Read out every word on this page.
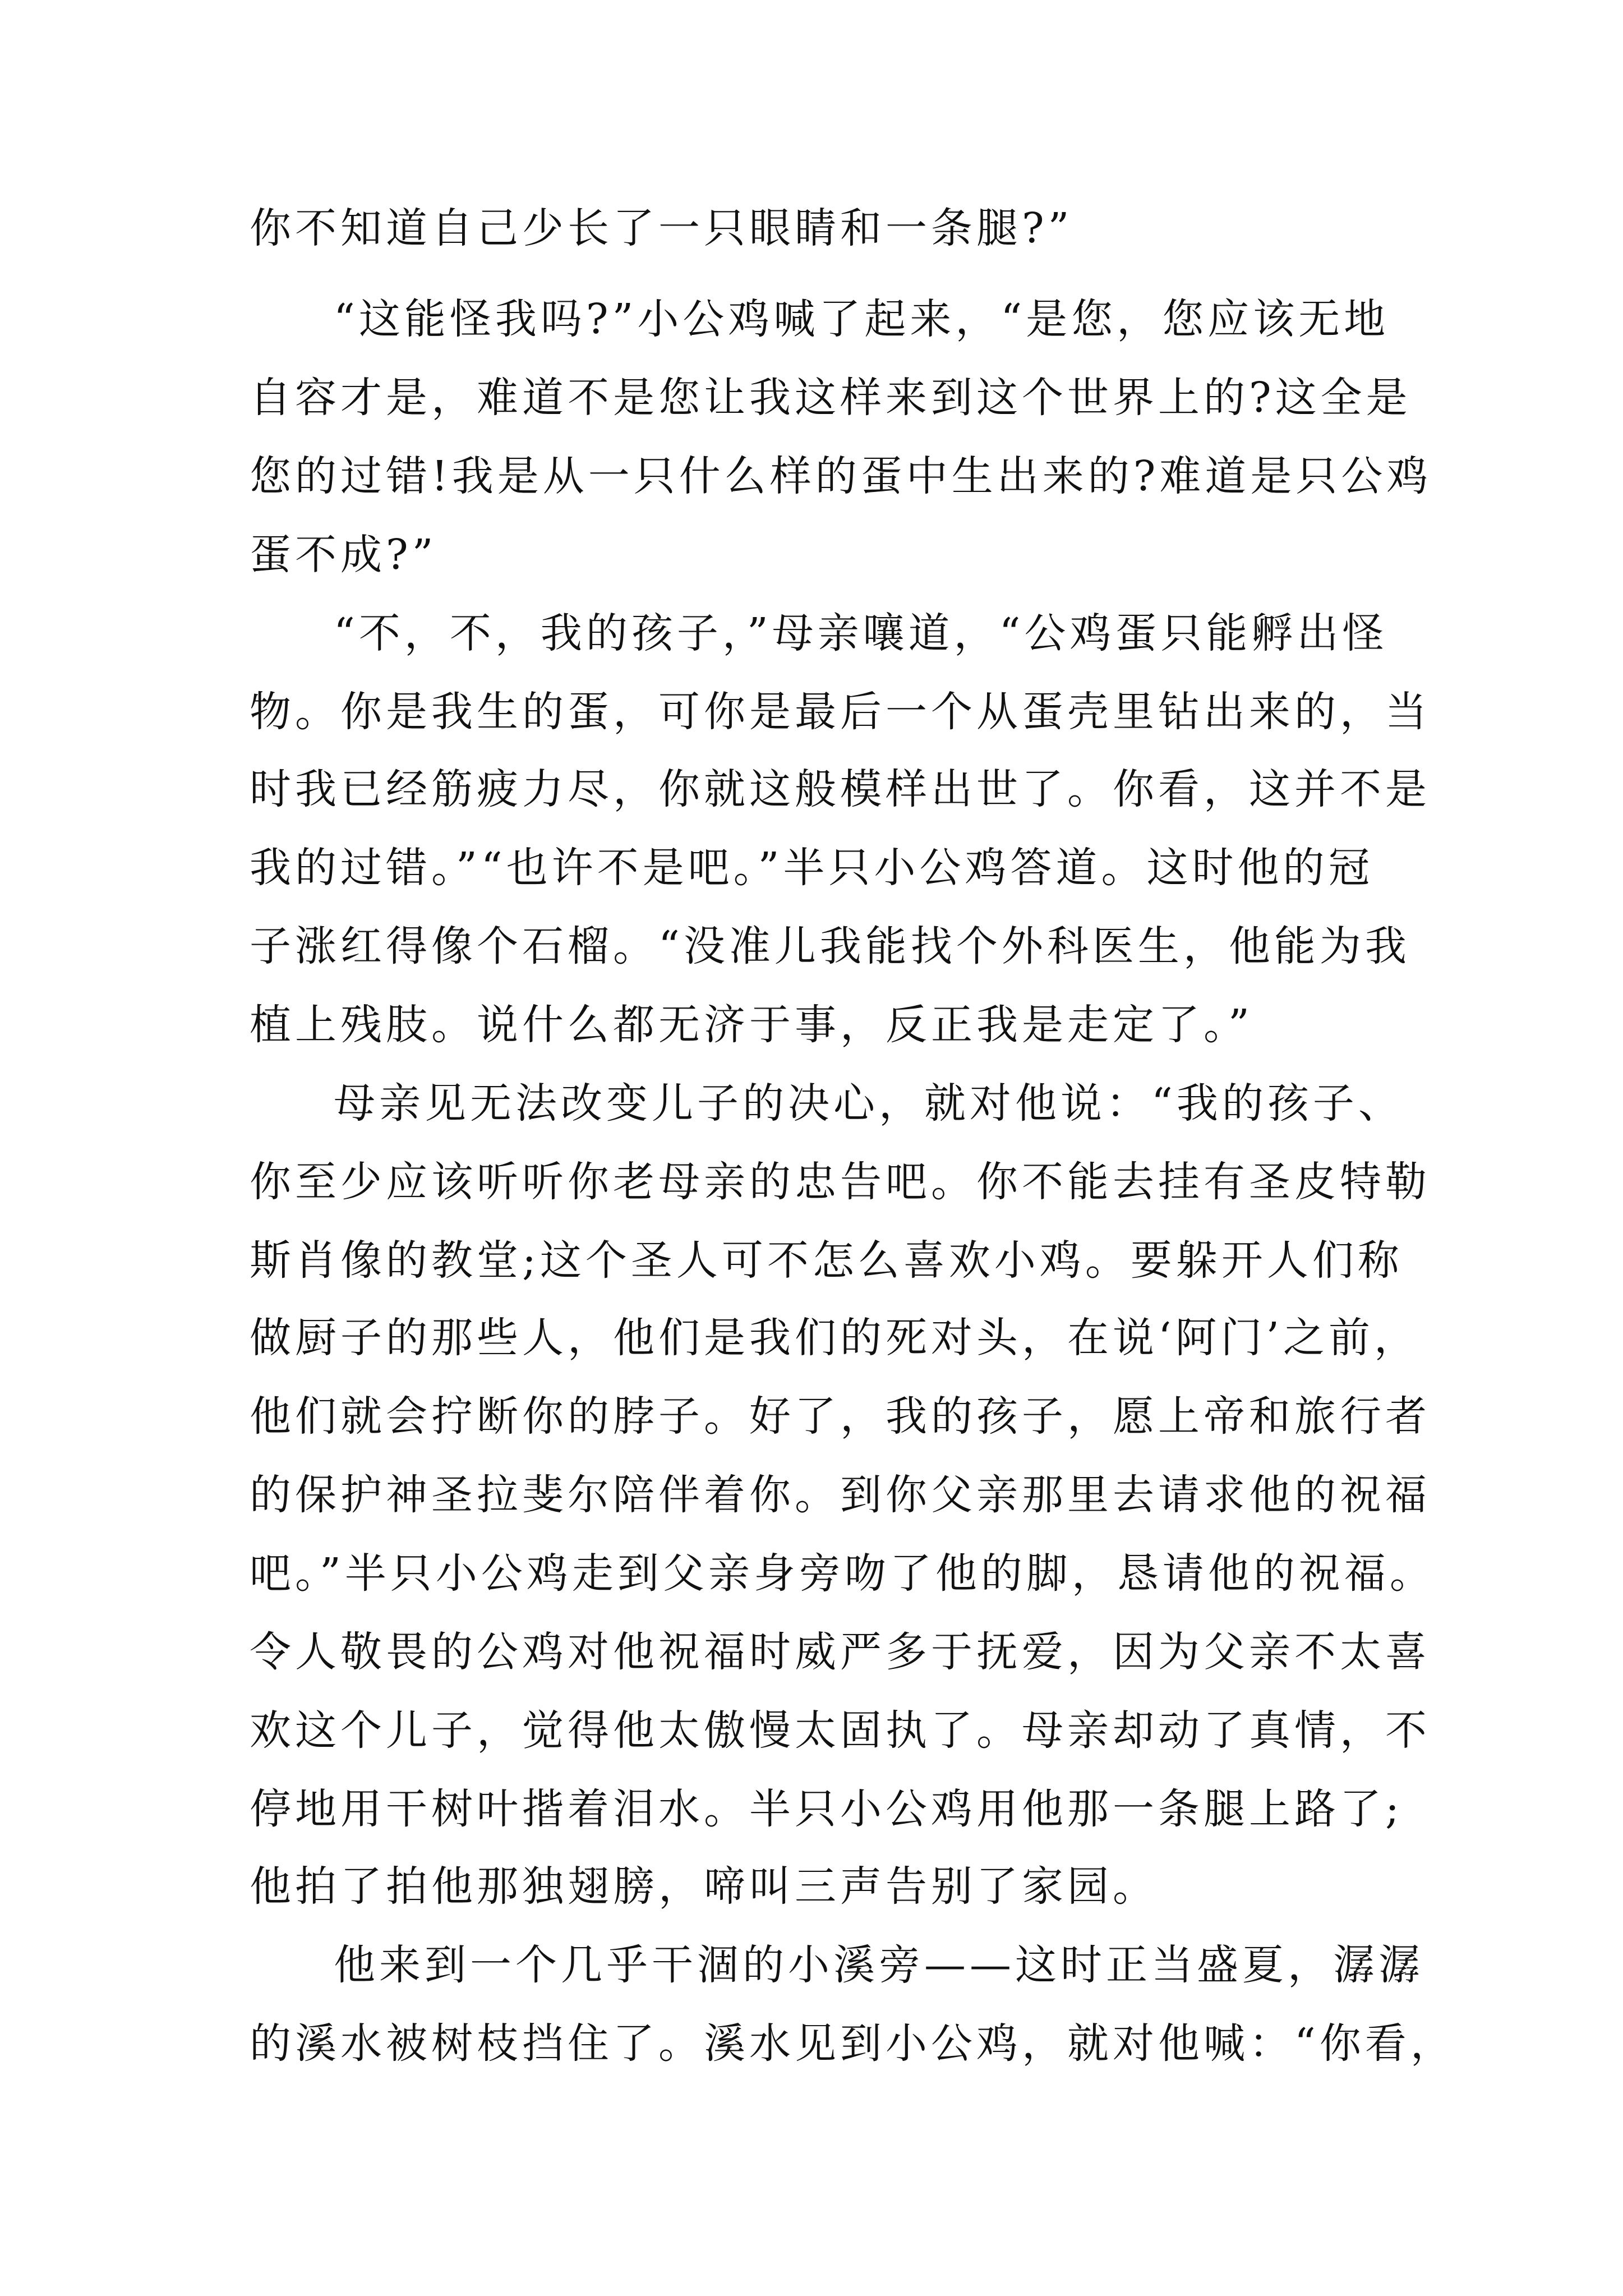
你不知道自己少长了一只眼睛和一条腿?”
“这能怪我吗?”小公鸡喊了起来，“是您，您应该无地
自容才是，难道不是您让我这样来到这个世界上的?这全是
您的过错!我是从一只什么样的蛋中生出来的?难道是只公鸡
蛋不成?”
“不，不，我的孩子，”母亲嚷道，“公鸡蛋只能孵出怪
物。你是我生的蛋，可你是最后一个从蛋壳里钻出来的，当
时我已经筋疲力尽，你就这般模样出世了。你看，这并不是
我的过错。”“也许不是吧。”半只小公鸡答道。这时他的冠
子涨红得像个石榴。“没准儿我能找个外科医生，他能为我
植上残肢。说什么都无济于事，反正我是走定了。”
母亲见无法改变儿子的决心，就对他说：“我的孩子、
你至少应该听听你老母亲的忠告吧。你不能去挂有圣皮特勒
斯肖像的教堂;这个圣人可不怎么喜欢小鸡。要躲开人们称
做厨子的那些人，他们是我们的死对头，在说‘阿门’之前，
他们就会拧断你的脖子。好了，我的孩子，愿上帝和旅行者
的保护神圣拉斐尔陪伴着你。到你父亲那里去请求他的祝福
吧。”半只小公鸡走到父亲身旁吻了他的脚，恳请他的祝福。
令人敬畏的公鸡对他祝福时威严多于抚爱，因为父亲不太喜
欢这个儿子，觉得他太傲慢太固执了。母亲却动了真情，不
停地用干树叶揩着泪水。半只小公鸡用他那一条腿上路了;
他拍了拍他那独翅膀，啼叫三声告别了家园。
他来到一个几乎干涸的小溪旁——这时正当盛夏，潺潺
的溪水被树枝挡住了。溪水见到小公鸡，就对他喊：“你看，
